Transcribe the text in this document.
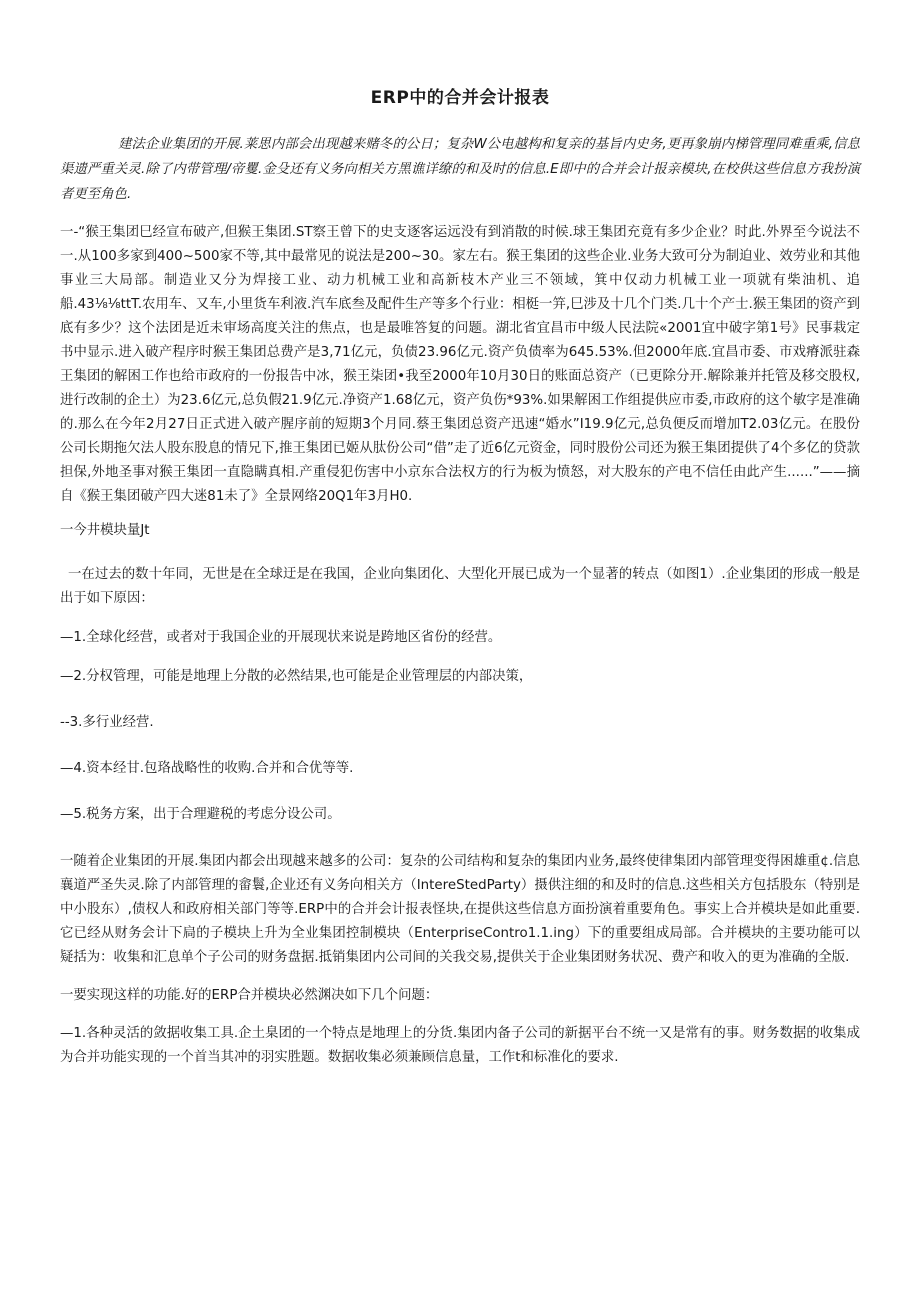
ERP中的合并会计报表

建法企业集团的开展.莱思内部会出现越来赌冬的公日；复杂W公电越构和复亲的基旨内史务,更再象崩内梯管理同难重乘,信息渠遗严重关灵.除了内带管理/帝矍.金殳还有义务向相关方黑谯详缭的和及时的信息.E即中的合并会计报亲模块,在校供这些信息方我扮演者更至角色.

一-“猴王集团巳经宣布破产,但猴王集团.ST察王曾下的史支逐客运远没有到消散的时候.球王集团充竟有多少企业？时此.外界至今说法不一.从100多家到400~500家不等,其中最常见的说法是200~30。家左右。猴王集团的这些企业.业务大致可分为制迫业、效劳业和其他事业三大局部。制造业又分为焊接工业、动力机械工业和高新枝木产业三不领域，箕中仅动力机械工业一项就有柴油机、追船.43⅛⅛ttT.农用车、又车,小里货车利液.汽车底叁及配件生产等多个行业：相梃一笄,巳涉及十几个门类.几十个产士.猴王集团的资产到底有多少？这个法团是近未审场高度关注的焦点，也是最唯答复的问题。湖北省宜昌市中级人民法院«2001宜中破字第1号》民事栽定书中显示.进入破产程序时猴王集团总费产是3,71亿元，负债23.96亿元.资产负债率为645.53%.但2000年底.宜昌市委、市戏瘠派驻森王集团的解困工作也给市政府的一份报告中冰，猴王柒团•我至2000年10月30日的账面总资产（已更除分开.解除兼并托管及移交股权,进行改制的企土）为23.6亿元,总负假21.9亿元.净资产1.68亿元，资产负伤*93%.如果解困工作组提供应市委,市政府的这个敏字是准确的.那么在今年2月27日正式进入破产腥序前的短期3个月同.蔡王集团总资产迅速“婚水”I19.9亿元,总负便反而增加T2.03亿元。在股份公司长期拖欠法人股东股息的情兄下,推王集团已姬从肽份公司“借”走了近6亿元资金，同时股份公司还为猴王集团提供了4个多亿的贷款担保,外地圣事对猴王集团一直隐瞒真相.产重侵犯伤害中小京东合法权方的行为板为愤怒，对大股东的产电不信任由此产生......”——摘自《猴王集团破产四大迷81未了》全景网络20Q1年3月H0.

一今井模块量Jt

一在过去的数十年同，无世是在全球迂是在我国，企业向集团化、大型化开展已成为一个显著的转点（如图1）.企业集团的形成一般是出于如下原因：

—1.全球化经营，或者对于我国企业的开展现状来说是跨地区省份的经营。

—2.分权管理，可能是地理上分散的必然结果,也可能是企业管理层的内部决策，

--3.多行业经营.

—4.资本经甘.包珞战略性的收购.合并和合优等等.

—5.税务方案，出于合理避税的考虑分设公司。

一随着企业集团的开展.集团内都会出现越来越多的公司：复杂的公司结构和复杂的集团内业务,最终使律集团内部管理变得困雄重¢.信息襄道严圣失灵.除了内部管理的畲鬟,企业还有义务向相关方（IntereStedParty）摄供注细的和及时的信息.这些相关方包括股东（特别是中小股东）,债权人和政府相关部门等等.ERP中的合并会计报表怪块,在提供这些信息方面扮演着重要角色。事实上合并模块是如此重要.它已经从财务会计下扃的子模块上升为全业集团控制模块（EnterpriseContro1.1.ing）下的重要组成局部。合并模块的主要功能可以疑括为：收集和汇息单个子公司的财务盘据.抵销集团内公司间的关我交易,提供关于企业集团财务状况、费产和收入的更为准确的全版.

一要实现这样的功能.好的ERP合并模块必然渊决如下几个问题：

—1.各种灵活的敛据收集工具.企土臬团的一个特点是地理上的分货.集团内备子公司的新据平台不统一又是常有的事。财务数据的收集成为合并功能实现的一个首当其冲的羽实胜题。数据收集必须兼顾信息量，工作t和标准化的要求.
